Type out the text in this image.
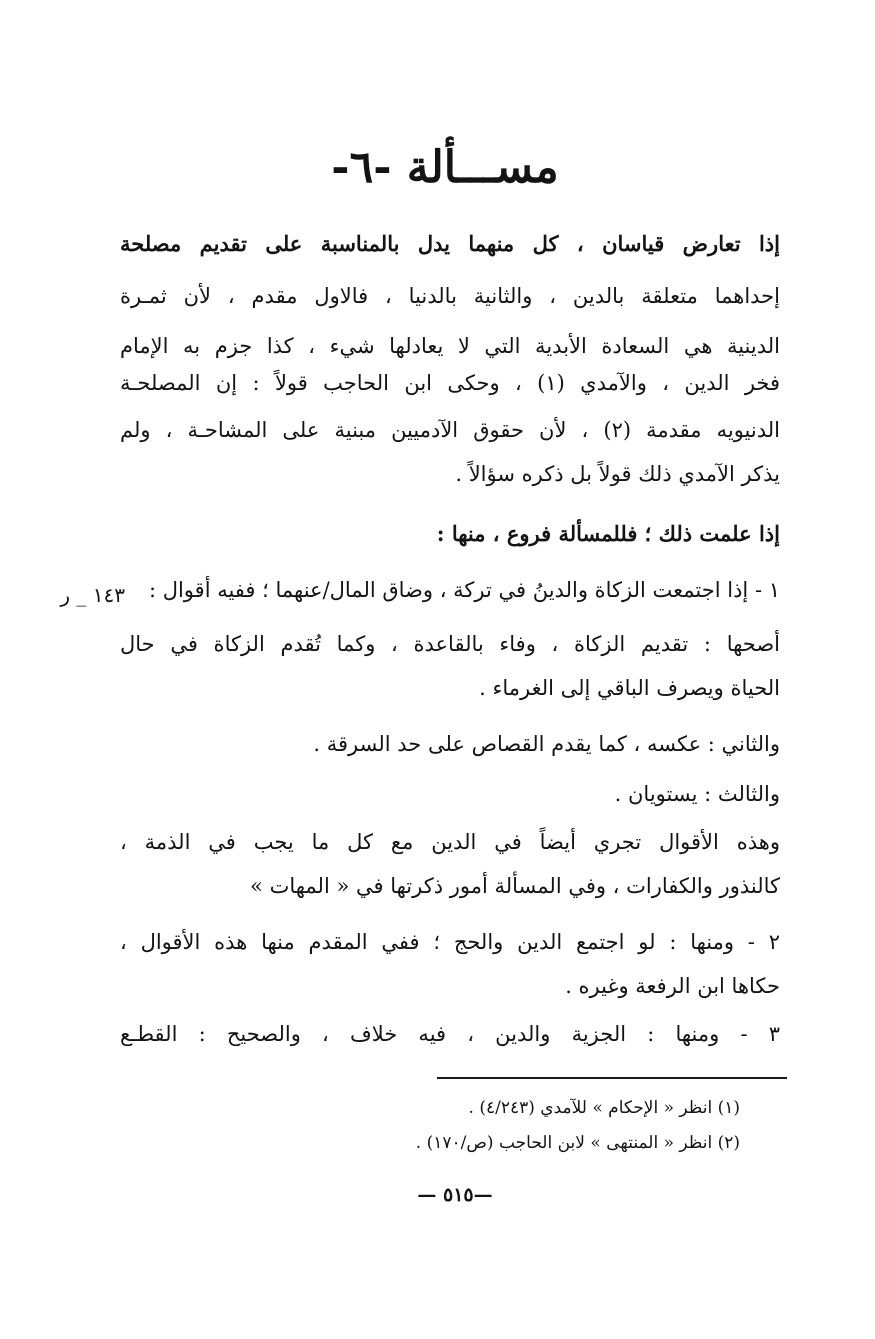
مســـألة -٦-
١٤٣ _ ر
إذا تعارض قياسان ، كل منهما يدل بالمناسبة على تقديم مصلحة
إحداهما متعلقة بالدين ، والثانية بالدنيا ، فالاول مقدم ، لأن ثمـرة
الدينية هي السعادة الأبدية التي لا يعادلها شيء ، كذا جزم به الإمام
فخر الدين ، والآمدي (١) ، وحكى ابن الحاجب قولاً : إن المصلحـة
الدنيويه مقدمة (٢) ، لأن حقوق الآدميين مبنية على المشاحـة ، ولم
يذكر الآمدي ذلك قولاً بل ذكره سؤالاً .
إذا علمت ذلك ؛ فللمسألة فروع ، منها :
١ - إذا اجتمعت الزكاة والدينُ في تركة ، وضاق المال/عنهما ؛ ففيه أقوال :
أصحها : تقديم الزكاة ، وفاء بالقاعدة ، وكما تُقدم الزكاة في حال
الحياة ويصرف الباقي إلى الغرماء .
والثاني : عكسه ، كما يقدم القصاص على حد السرقة .
والثالث : يستويان .
وهذه الأقوال تجري أيضاً في الدين مع كل ما يجب في الذمة ،
كالنذور والكفارات ، وفي المسألة أمور ذكرتها في « المهات »
٢ - ومنها : لو اجتمع الدين والحج ؛ ففي المقدم منها هذه الأقوال ،
حكاها ابن الرفعة وغيره .
٣ - ومنها : الجزية والدين ، فيه خلاف ، والصحيح : القطـع
(١) انظر « الإحكام » للآمدي (٤/٢٤٣) .
(٢) انظر « المنتهى » لابن الحاجب (ص/١٧٠) .
—٥١٥ —
